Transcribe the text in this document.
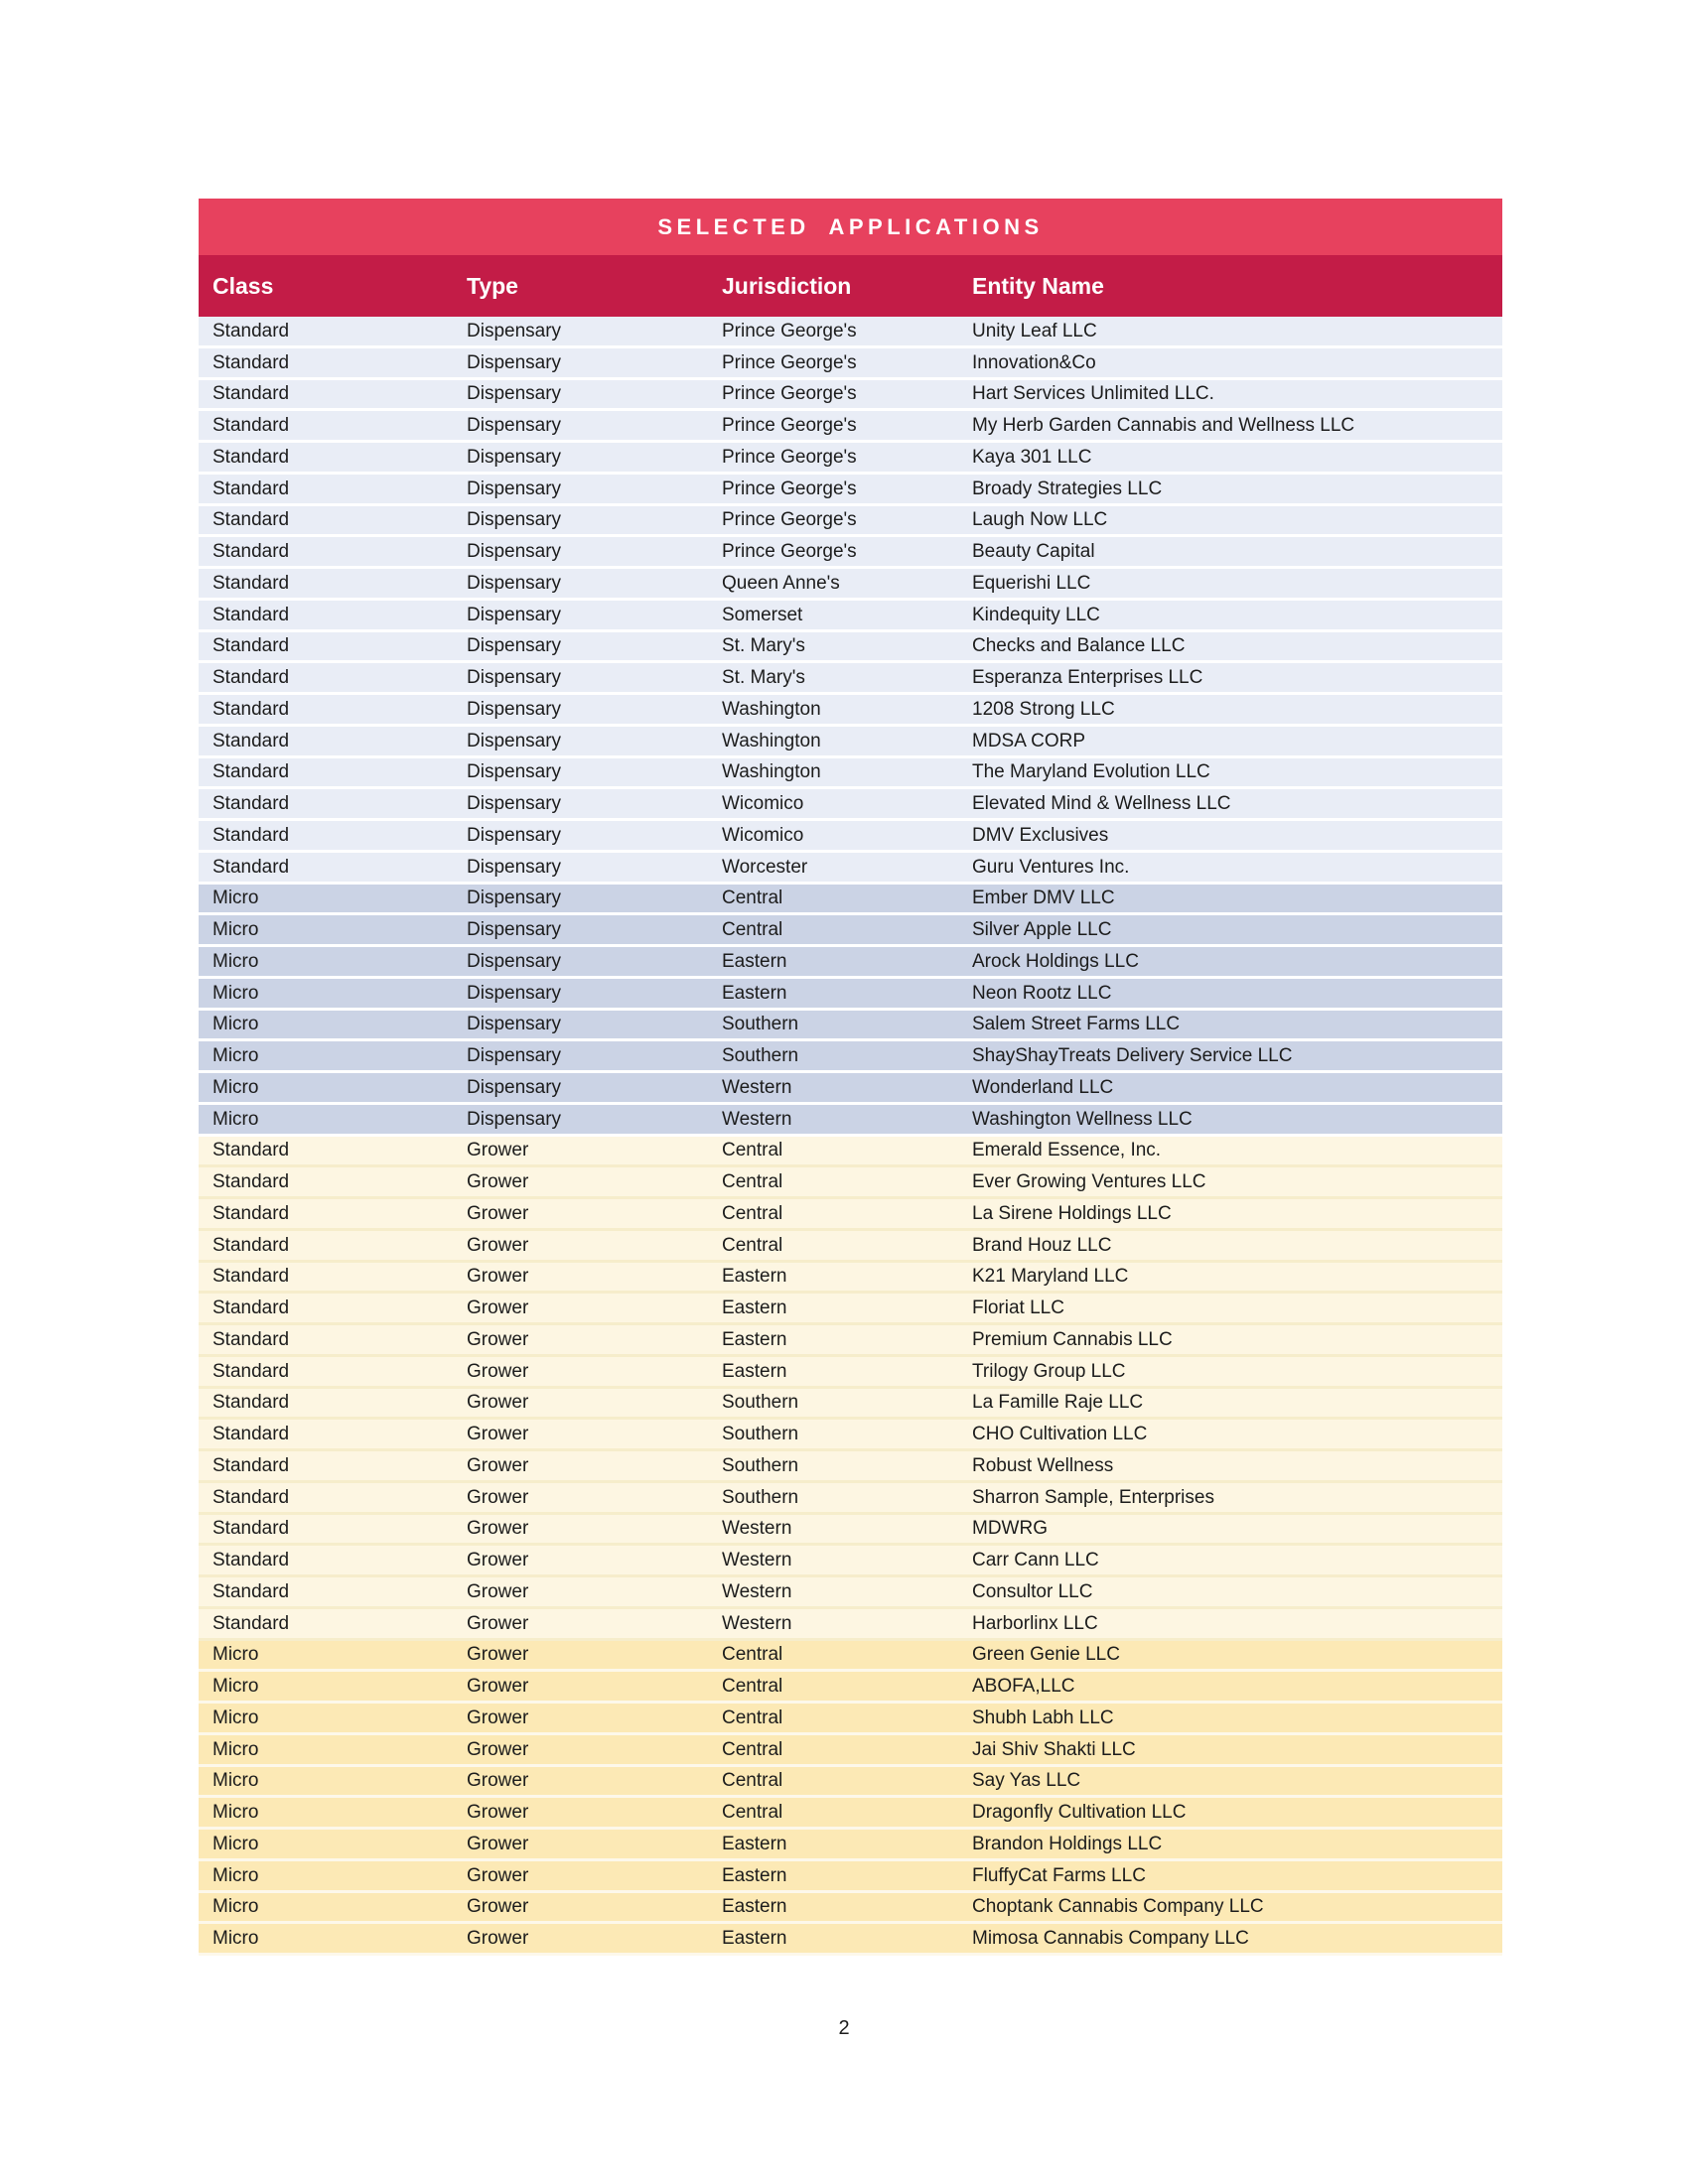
SELECTED APPLICATIONS
Class	Type	Jurisdiction	Entity Name
Standard	Dispensary	Prince George's	Unity Leaf LLC
Standard	Dispensary	Prince George's	Innovation&Co
Standard	Dispensary	Prince George's	Hart Services Unlimited LLC.
Standard	Dispensary	Prince George's	My Herb Garden Cannabis and Wellness LLC
Standard	Dispensary	Prince George's	Kaya 301 LLC
Standard	Dispensary	Prince George's	Broady Strategies LLC
Standard	Dispensary	Prince George's	Laugh Now LLC
Standard	Dispensary	Prince George's	Beauty Capital
Standard	Dispensary	Queen Anne's	Equerishi LLC
Standard	Dispensary	Somerset	Kindequity LLC
Standard	Dispensary	St. Mary's	Checks and Balance LLC
Standard	Dispensary	St. Mary's	Esperanza Enterprises LLC
Standard	Dispensary	Washington	1208 Strong LLC
Standard	Dispensary	Washington	MDSA CORP
Standard	Dispensary	Washington	The Maryland Evolution LLC
Standard	Dispensary	Wicomico	Elevated Mind & Wellness LLC
Standard	Dispensary	Wicomico	DMV Exclusives
Standard	Dispensary	Worcester	Guru Ventures Inc.
Micro	Dispensary	Central	Ember DMV LLC
Micro	Dispensary	Central	Silver Apple LLC
Micro	Dispensary	Eastern	Arock Holdings LLC
Micro	Dispensary	Eastern	Neon Rootz LLC
Micro	Dispensary	Southern	Salem Street Farms LLC
Micro	Dispensary	Southern	ShayShayTreats Delivery Service LLC
Micro	Dispensary	Western	Wonderland LLC
Micro	Dispensary	Western	Washington Wellness LLC
Standard	Grower	Central	Emerald Essence, Inc.
Standard	Grower	Central	Ever Growing Ventures LLC
Standard	Grower	Central	La Sirene Holdings LLC
Standard	Grower	Central	Brand Houz LLC
Standard	Grower	Eastern	K21 Maryland LLC
Standard	Grower	Eastern	Floriat LLC
Standard	Grower	Eastern	Premium Cannabis LLC
Standard	Grower	Eastern	Trilogy Group LLC
Standard	Grower	Southern	La Famille Raje LLC
Standard	Grower	Southern	CHO Cultivation LLC
Standard	Grower	Southern	Robust Wellness
Standard	Grower	Southern	Sharron Sample, Enterprises
Standard	Grower	Western	MDWRG
Standard	Grower	Western	Carr Cann LLC
Standard	Grower	Western	Consultor LLC
Standard	Grower	Western	Harborlinx LLC
Micro	Grower	Central	Green Genie LLC
Micro	Grower	Central	ABOFA,LLC
Micro	Grower	Central	Shubh Labh LLC
Micro	Grower	Central	Jai Shiv Shakti LLC
Micro	Grower	Central	Say Yas LLC
Micro	Grower	Central	Dragonfly Cultivation LLC
Micro	Grower	Eastern	Brandon Holdings LLC
Micro	Grower	Eastern	FluffyCat Farms LLC
Micro	Grower	Eastern	Choptank Cannabis Company LLC
Micro	Grower	Eastern	Mimosa Cannabis Company LLC
2
